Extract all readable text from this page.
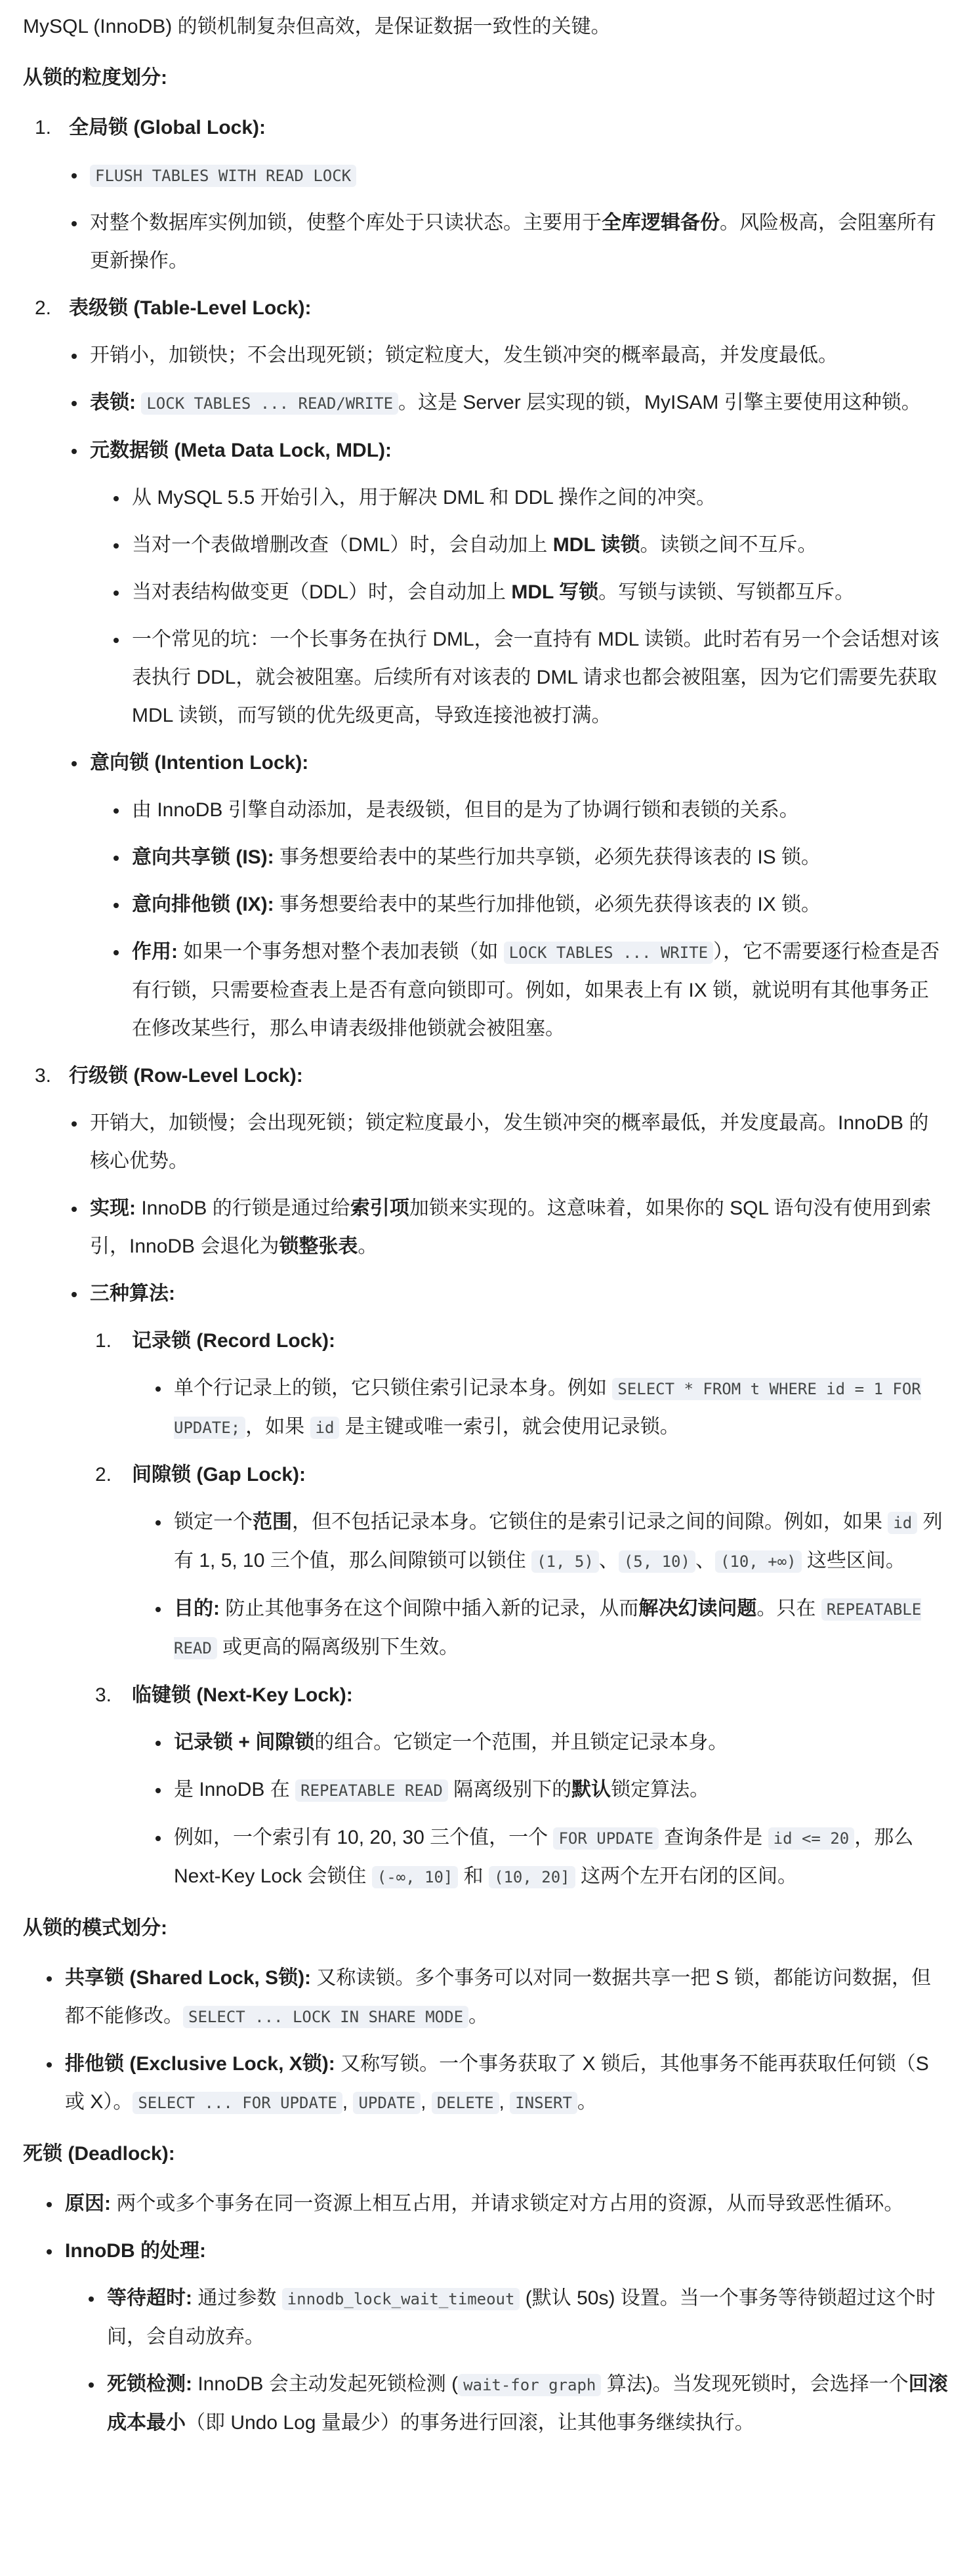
MySQL (InnoDB) 的锁机制复杂但高效，是保证数据一致性的关键。

从锁的粒度划分:

1. 全局锁 (Global Lock):

FLUSH TABLES WITH READ LOCK
对整个数据库实例加锁，使整个库处于只读状态。主要用于全库逻辑备份。风险极高，会阻塞所有更新操作。
2. 表级锁 (Table-Level Lock):

开销小，加锁快；不会出现死锁；锁定粒度大，发生锁冲突的概率最高，并发度最低。
表锁: LOCK TABLES ... READ/WRITE 。这是 Server 层实现的锁，MyISAM 引擎主要使用这种锁。
元数据锁 (Meta Data Lock, MDL):
从 MySQL 5.5 开始引入，用于解决 DML 和 DDL 操作之间的冲突。
当对一个表做增删改查（DML）时，会自动加上 MDL 读锁。读锁之间不互斥。
当对表结构做变更（DDL）时，会自动加上 MDL 写锁。写锁与读锁、写锁都互斥。
一个常见的坑：一个长事务在执行 DML，会一直持有 MDL 读锁。此时若有另一个会话想对该表执行 DDL，就会被阻塞。后续所有对该表的 DML 请求也都会被阻塞，因为它们需要先获取 MDL 读锁，而写锁的优先级更高，导致连接池被打满。
意向锁 (Intention Lock):
由 InnoDB 引擎自动添加，是表级锁，但目的是为了协调行锁和表锁的关系。
意向共享锁 (IS): 事务想要给表中的某些行加共享锁，必须先获得该表的 IS 锁。
意向排他锁 (IX): 事务想要给表中的某些行加排他锁，必须先获得该表的 IX 锁。
作用: 如果一个事务想对整个表加表锁（如 LOCK TABLES ... WRITE ），它不需要逐行检查是否有行锁，只需要检查表上是否有意向锁即可。例如，如果表上有 IX 锁，就说明有其他事务正在修改某些行，那么申请表级排他锁就会被阻塞。
3. 行级锁 (Row-Level Lock):

开销大，加锁慢；会出现死锁；锁定粒度最小，发生锁冲突的概率最低，并发度最高。InnoDB 的核心优势。
实现: InnoDB 的行锁是通过给索引项加锁来实现的。这意味着，如果你的 SQL 语句没有使用到索引，InnoDB 会退化为锁整张表。
三种算法:
1. 记录锁 (Record Lock):

单个行记录上的锁，它只锁住索引记录本身。例如 SELECT * FROM t WHERE id = 1 FOR UPDATE; ，如果 id 是主键或唯一索引，就会使用记录锁。
2. 间隙锁 (Gap Lock):

锁定一个范围，但不包括记录本身。它锁住的是索引记录之间的间隙。例如，如果 id 列有 1, 5, 10 三个值，那么间隙锁可以锁住 (1, 5) 、 (5, 10) 、 (10, +∞) 这些区间。
目的: 防止其他事务在这个间隙中插入新的记录，从而解决幻读问题。只在 REPEATABLE READ 或更高的隔离级别下生效。
3. 临键锁 (Next-Key Lock):

记录锁 + 间隙锁的组合。它锁定一个范围，并且锁定记录本身。
是 InnoDB 在 REPEATABLE READ 隔离级别下的默认锁定算法。
例如，一个索引有 10, 20, 30 三个值，一个 FOR UPDATE 查询条件是 id <= 20 ，那么 Next-Key Lock 会锁住 (-∞, 10] 和 (10, 20] 这两个左开右闭的区间。

从锁的模式划分:

共享锁 (Shared Lock, S锁): 又称读锁。多个事务可以对同一数据共享一把 S 锁，都能访问数据，但都不能修改。 SELECT ... LOCK IN SHARE MODE 。
排他锁 (Exclusive Lock, X锁): 又称写锁。一个事务获取了 X 锁后，其他事务不能再获取任何锁（S 或 X）。 SELECT ... FOR UPDATE , UPDATE , DELETE , INSERT 。

死锁 (Deadlock):

原因: 两个或多个事务在同一资源上相互占用，并请求锁定对方占用的资源，从而导致恶性循环。
InnoDB 的处理:
等待超时: 通过参数 innodb_lock_wait_timeout (默认 50s) 设置。当一个事务等待锁超过这个时间，会自动放弃。
死锁检测: InnoDB 会主动发起死锁检测 ( wait-for graph 算法)。当发现死锁时，会选择一个回滚成本最小（即 Undo Log 量最少）的事务进行回滚，让其他事务继续执行。
